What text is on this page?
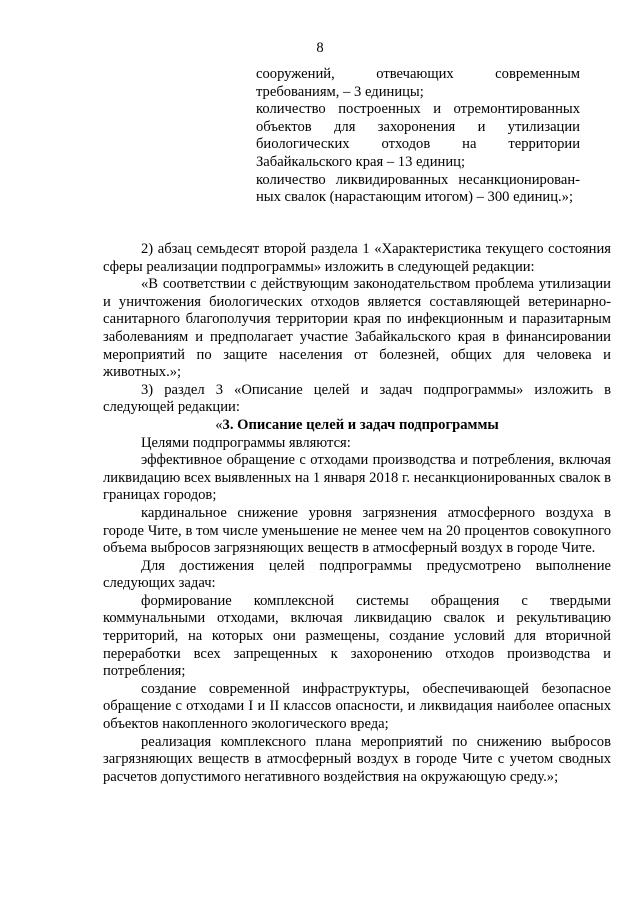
8

сооружений, отвечающих современным требованиям, – 3 единицы;

количество построенных и отремонтированных объектов для захоронения и утилизации биологических отходов на территории Забайкальского края – 13 единиц;

количество ликвидированных несанкционирован-ных свалок (нарастающим итогом) – 300 единиц.»;

2) абзац семьдесят второй раздела 1 «Характеристика текущего состояния сферы реализации подпрограммы» изложить в следующей редакции:

«В соответствии с действующим законодательством проблема утилизации и уничтожения биологических отходов является составляющей ветеринарно-санитарного благополучия территории края по инфекционным и паразитарным заболеваниям и предполагает участие Забайкальского края в финансировании мероприятий по защите населения от болезней, общих для человека и животных.»;

3) раздел 3 «Описание целей и задач подпрограммы» изложить в следующей редакции:

«3. Описание целей и задач подпрограммы

Целями подпрограммы являются:

эффективное обращение с отходами производства и потребления, включая ликвидацию всех выявленных на 1 января 2018 г. несанкционированных свалок в границах городов;

кардинальное снижение уровня загрязнения атмосферного воздуха в городе Чите, в том числе уменьшение не менее чем на 20 процентов совокупного объема выбросов загрязняющих веществ в атмосферный воздух в городе Чите.

Для достижения целей подпрограммы предусмотрено выполнение следующих задач:

формирование комплексной системы обращения с твердыми коммунальными отходами, включая ликвидацию свалок и рекультивацию территорий, на которых они размещены, создание условий для вторичной переработки всех запрещенных к захоронению отходов производства и потребления;

создание современной инфраструктуры, обеспечивающей безопасное обращение с отходами I и II классов опасности, и ликвидация наиболее опасных объектов накопленного экологического вреда;

реализация комплексного плана мероприятий по снижению выбросов загрязняющих веществ в атмосферный воздух в городе Чите с учетом сводных расчетов допустимого негативного воздействия на окружающую среду.»;
